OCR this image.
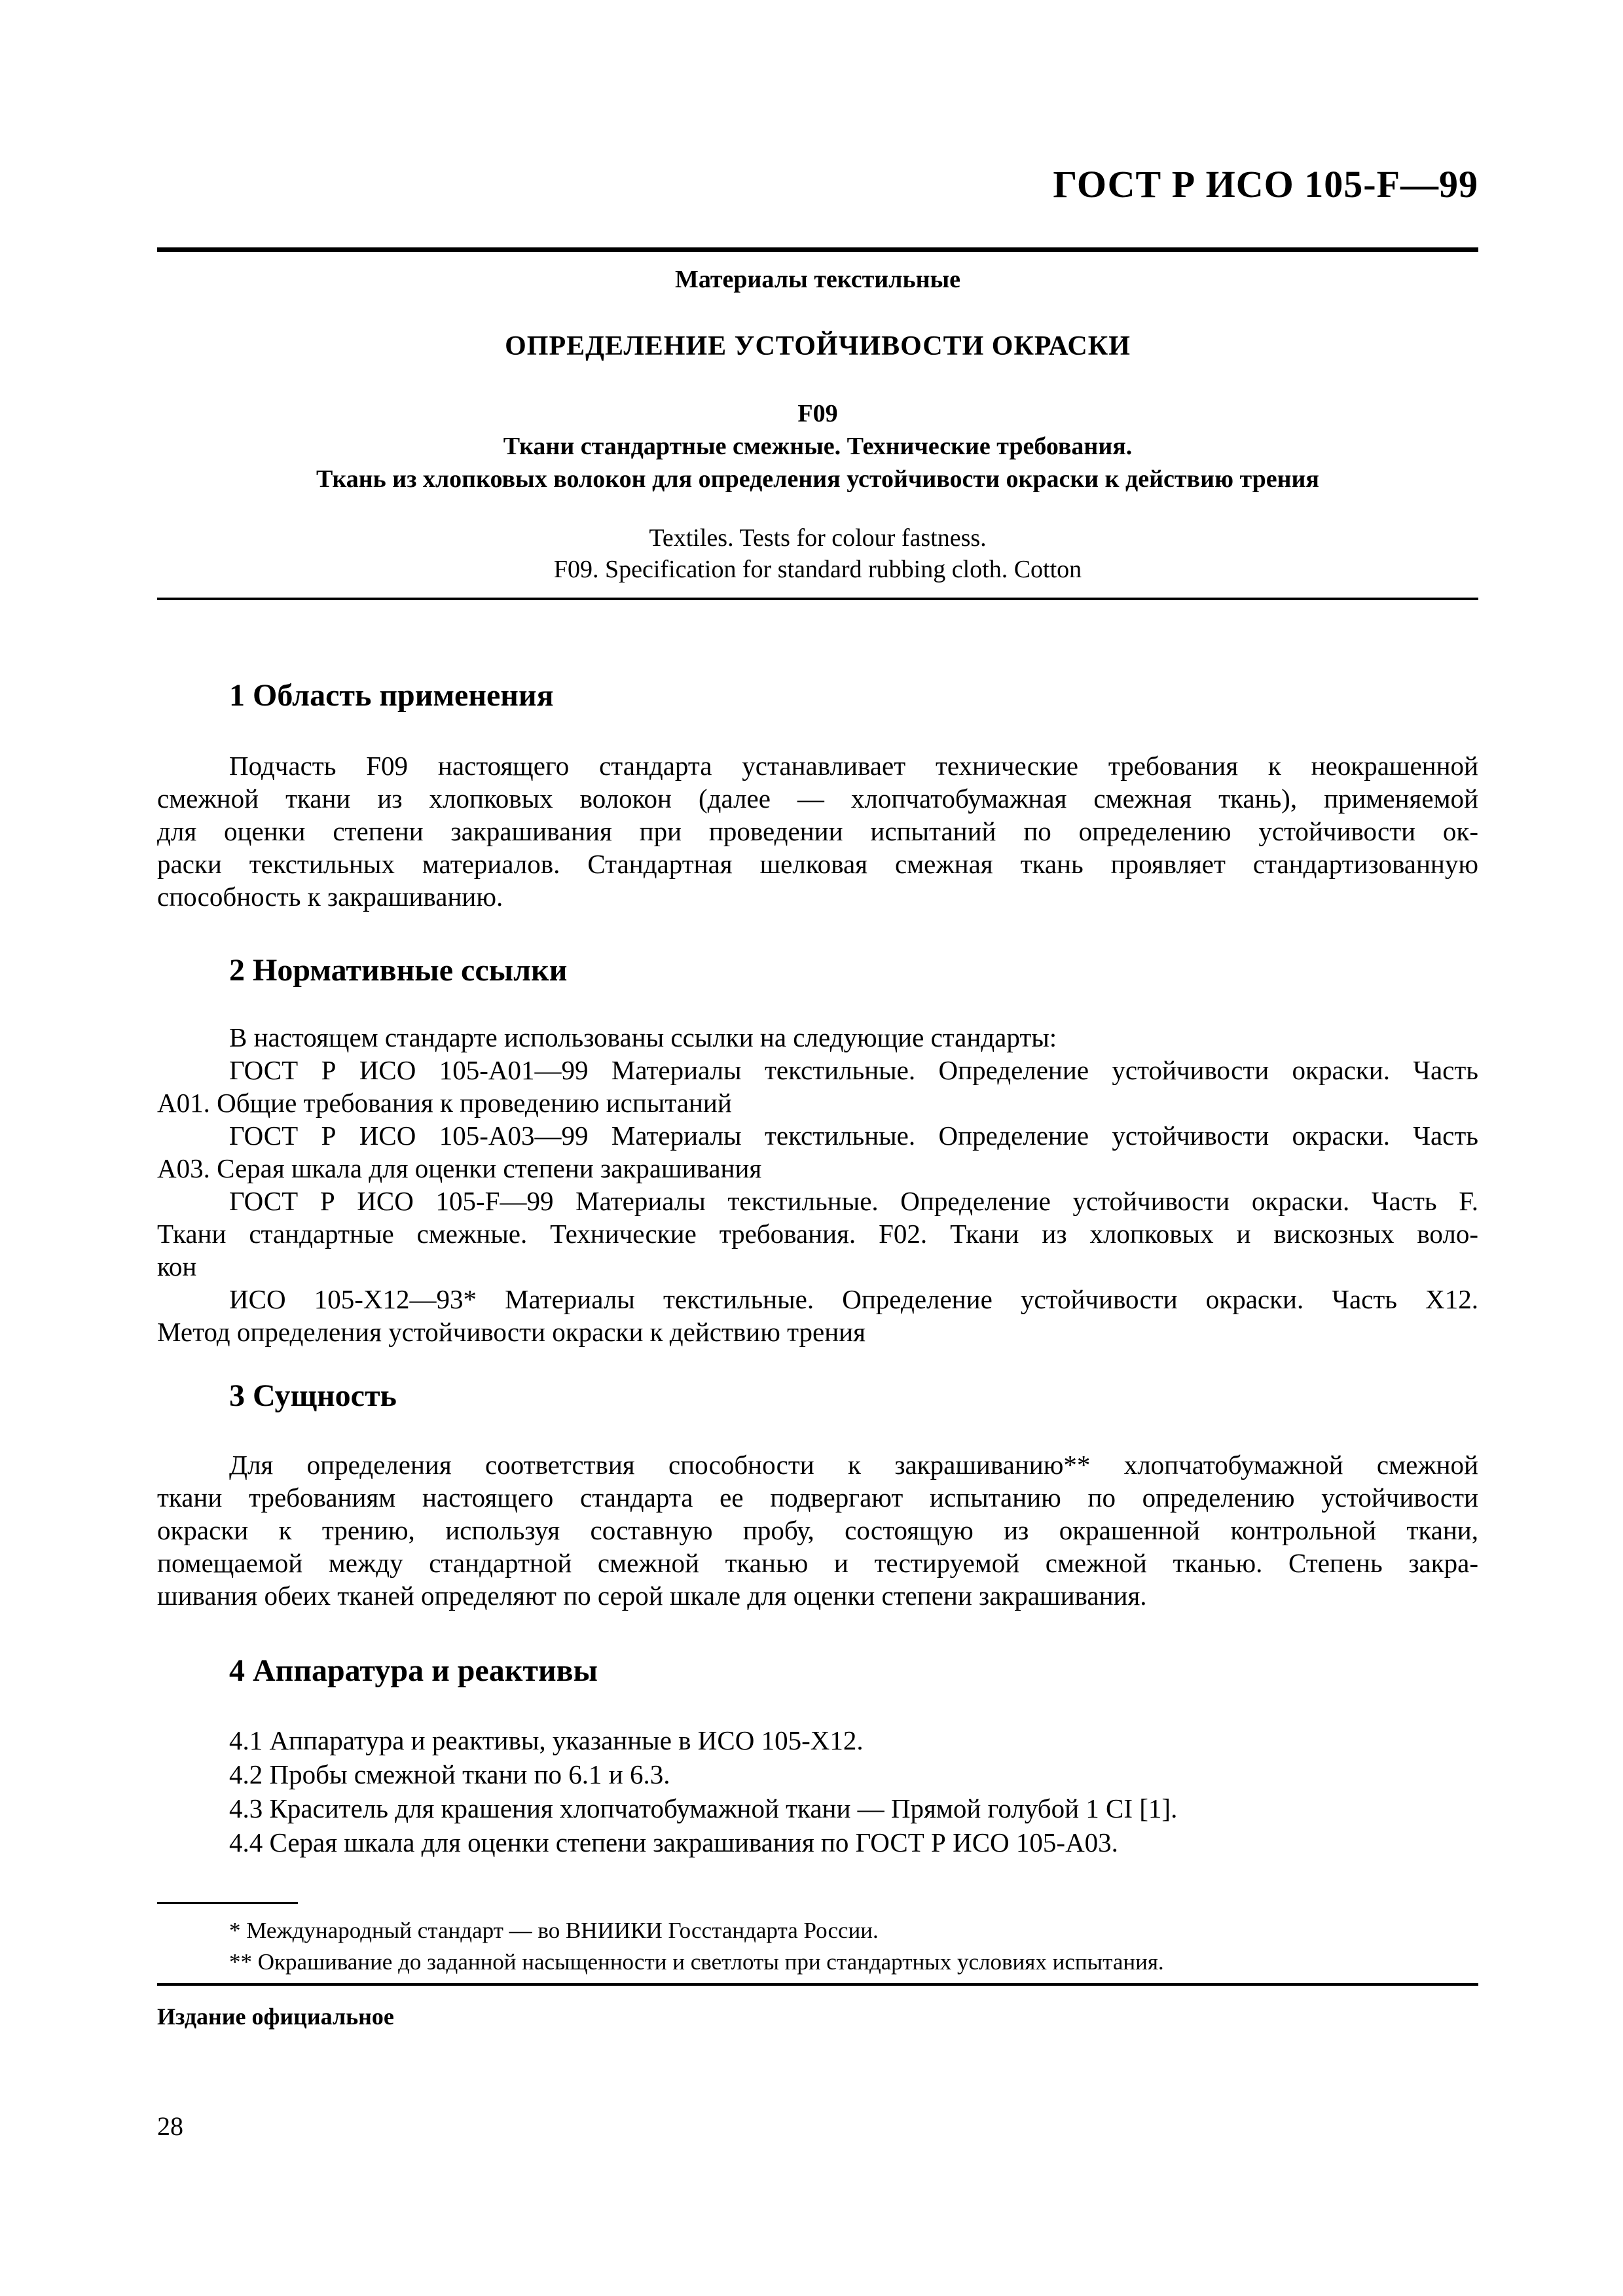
ГОСТ Р ИСО 105-F—99
Материалы текстильные
ОПРЕДЕЛЕНИЕ УСТОЙЧИВОСТИ ОКРАСКИ
F09
Ткани стандартные смежные. Технические требования.
Ткань из хлопковых волокон для определения устойчивости окраски к действию трения
Textiles. Tests for colour fastness.
F09. Specification for standard rubbing cloth. Cotton
1 Область применения
Подчасть F09 настоящего стандарта устанавливает технические требования к неокрашенной
смежной ткани из хлопковых волокон (далее — хлопчатобумажная смежная ткань), применяемой
для оценки степени закрашивания при проведении испытаний по определению устойчивости ок-
раски текстильных материалов. Стандартная шелковая смежная ткань проявляет стандартизованную
способность к закрашиванию.
2 Нормативные ссылки
В настоящем стандарте использованы ссылки на следующие стандарты:
ГОСТ Р ИСО 105-А01—99 Материалы текстильные. Определение устойчивости окраски. Часть
А01. Общие требования к проведению испытаний
ГОСТ Р ИСО 105-А03—99 Материалы текстильные. Определение устойчивости окраски. Часть
А03. Серая шкала для оценки степени закрашивания
ГОСТ Р ИСО 105-F—99 Материалы текстильные. Определение устойчивости окраски. Часть F.
Ткани стандартные смежные. Технические требования. F02. Ткани из хлопковых и вискозных воло-
кон
ИСО 105-Х12—93* Материалы текстильные. Определение устойчивости окраски. Часть Х12.
Метод определения устойчивости окраски к действию трения
3 Сущность
Для определения соответствия способности к закрашиванию** хлопчатобумажной смежной
ткани требованиям настоящего стандарта ее подвергают испытанию по определению устойчивости
окраски к трению, используя составную пробу, состоящую из окрашенной контрольной ткани,
помещаемой между стандартной смежной тканью и тестируемой смежной тканью. Степень закра-
шивания обеих тканей определяют по серой шкале для оценки степени закрашивания.
4 Аппаратура и реактивы
4.1 Аппаратура и реактивы, указанные в ИСО 105-Х12.
4.2 Пробы смежной ткани по 6.1 и 6.3.
4.3 Краситель для крашения хлопчатобумажной ткани — Прямой голубой 1 CI [1].
4.4 Серая шкала для оценки степени закрашивания по ГОСТ Р ИСО 105-А03.
* Международный стандарт — во ВНИИКИ Госстандарта России.
** Окрашивание до заданной насыщенности и светлоты при стандартных условиях испытания.
Издание официальное
28
